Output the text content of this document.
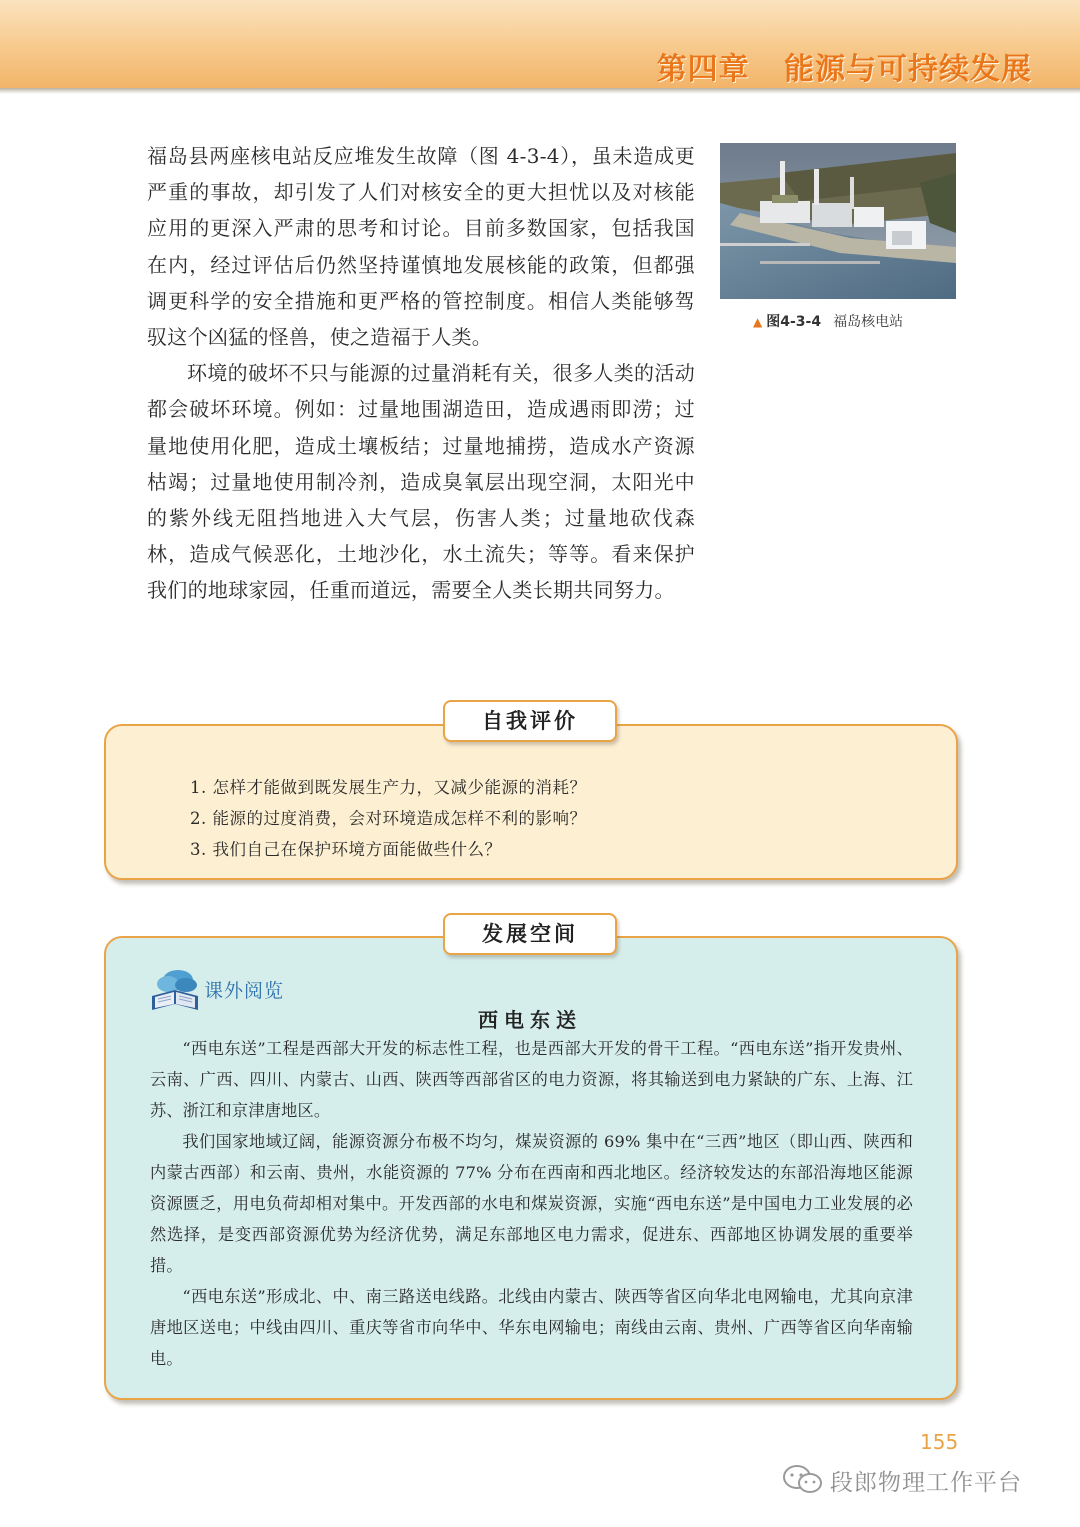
第四章 能源与可持续发展

福岛县两座核电站反应堆发生故障（图 4-3-4），虽未造成更严重的事故，却引发了人们对核安全的更大担忧以及对核能应用的更深入严肃的思考和讨论。目前多数国家，包括我国在内，经过评估后仍然坚持谨慎地发展核能的政策，但都强调更科学的安全措施和更严格的管控制度。相信人类能够驾驭这个凶猛的怪兽，使之造福于人类。

环境的破坏不只与能源的过量消耗有关，很多人类的活动都会破坏环境。例如：过量地围湖造田，造成遇雨即涝；过量地使用化肥，造成土壤板结；过量地捕捞，造成水产资源枯竭；过量地使用制冷剂，造成臭氧层出现空洞，太阳光中的紫外线无阻挡地进入大气层，伤害人类；过量地砍伐森林，造成气候恶化，土地沙化，水土流失；等等。看来保护我们的地球家园，任重而道远，需要全人类长期共同努力。

▲ 图4-3-4 福岛核电站
自我评价
1. 怎样才能做到既发展生产力，又减少能源的消耗？
2. 能源的过度消费，会对环境造成怎样不利的影响？
3. 我们自己在保护环境方面能做些什么？
发展空间
课外阅览
西电东送

“西电东送”工程是西部大开发的标志性工程，也是西部大开发的骨干工程。“西电东送”指开发贵州、云南、广西、四川、内蒙古、山西、陕西等西部省区的电力资源，将其输送到电力紧缺的广东、上海、江苏、浙江和京津唐地区。

我们国家地域辽阔，能源资源分布极不均匀，煤炭资源的 69% 集中在“三西”地区（即山西、陕西和内蒙古西部）和云南、贵州，水能资源的 77% 分布在西南和西北地区。经济较发达的东部沿海地区能源资源匮乏，用电负荷却相对集中。开发西部的水电和煤炭资源，实施“西电东送”是中国电力工业发展的必然选择，是变西部资源优势为经济优势，满足东部地区电力需求，促进东、西部地区协调发展的重要举措。

“西电东送”形成北、中、南三路送电线路。北线由内蒙古、陕西等省区向华北电网输电，尤其向京津唐地区送电；中线由四川、重庆等省市向华中、华东电网输电；南线由云南、贵州、广西等省区向华南输电。

155
段郎物理工作平台
